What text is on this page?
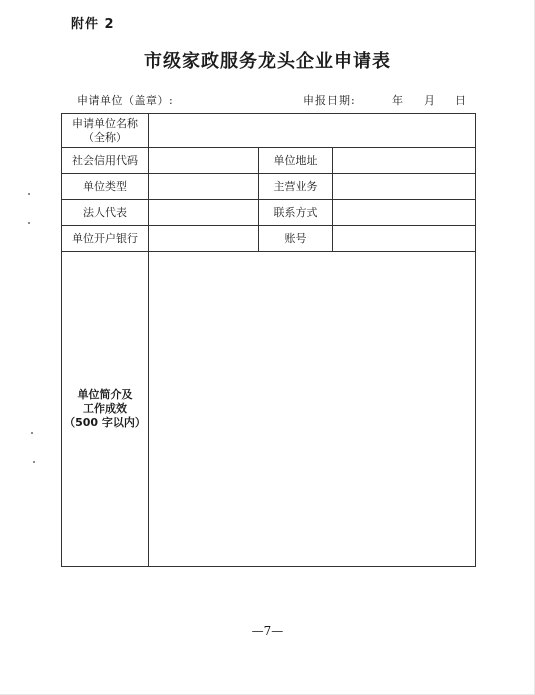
附件 2
市级家政服务龙头企业申请表
申请单位（盖章）:	申报日期:	年 月 日
申请单位名称
（全称）			

社会信用代码		单位地址	
单位类型		主营业务	
法人代表		联系方式	
单位开户银行		账号	

单位简介及
工作成效
（500 字以内）			

—7—
